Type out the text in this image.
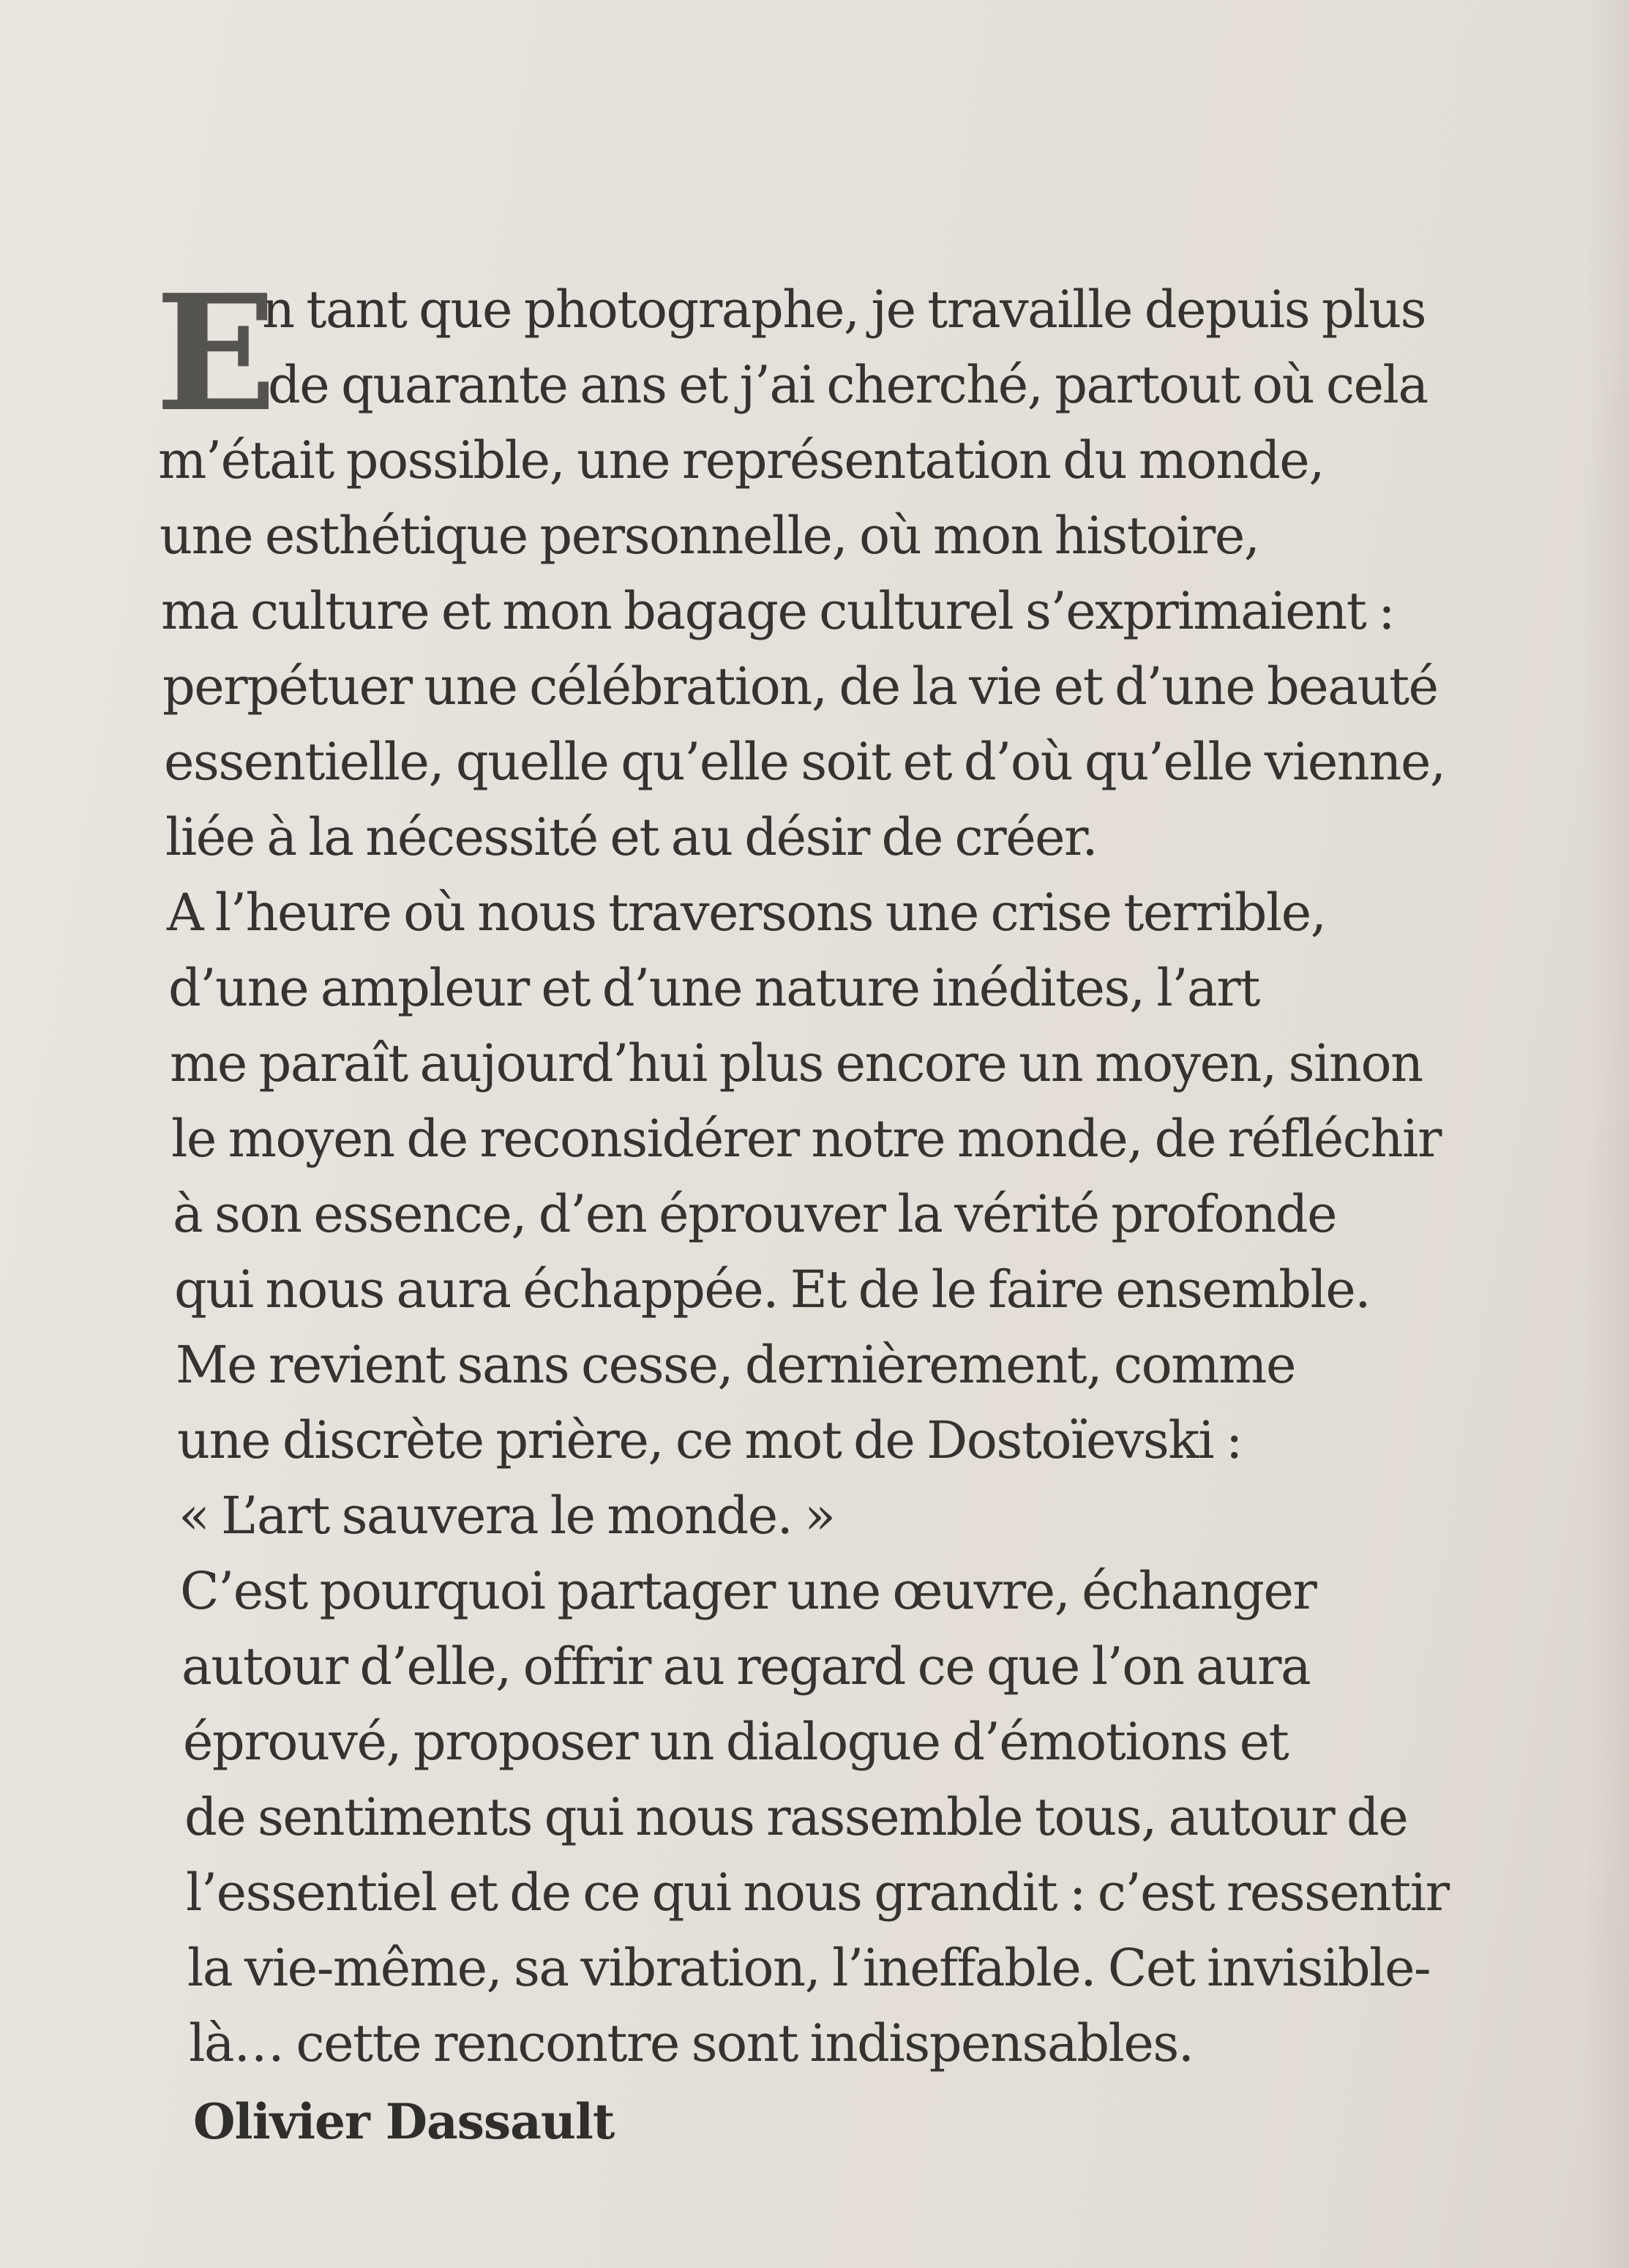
E
n tant que photographe, je travaille depuis plus
de quarante ans et j’ai cherché, partout où cela
m’était possible, une représentation du monde,
une esthétique personnelle, où mon histoire,
ma culture et mon bagage culturel s’exprimaient :
perpétuer une célébration, de la vie et d’une beauté
essentielle, quelle qu’elle soit et d’où qu’elle vienne,
liée à la nécessité et au désir de créer.
A l’heure où nous traversons une crise terrible,
d’une ampleur et d’une nature inédites, l’art
me paraît aujourd’hui plus encore un moyen, sinon
le moyen de reconsidérer notre monde, de réfléchir
à son essence, d’en éprouver la vérité profonde
qui nous aura échappée. Et de le faire ensemble.
Me revient sans cesse, dernièrement, comme
une discrète prière, ce mot de Dostoïevski :
« L’art sauvera le monde. »
C’est pourquoi partager une œuvre, échanger
autour d’elle, offrir au regard ce que l’on aura
éprouvé, proposer un dialogue d’émotions et
de sentiments qui nous rassemble tous, autour de
l’essentiel et de ce qui nous grandit : c’est ressentir
la vie-même, sa vibration, l’ineffable. Cet invisible-
là… cette rencontre sont indispensables.
Olivier Dassault
